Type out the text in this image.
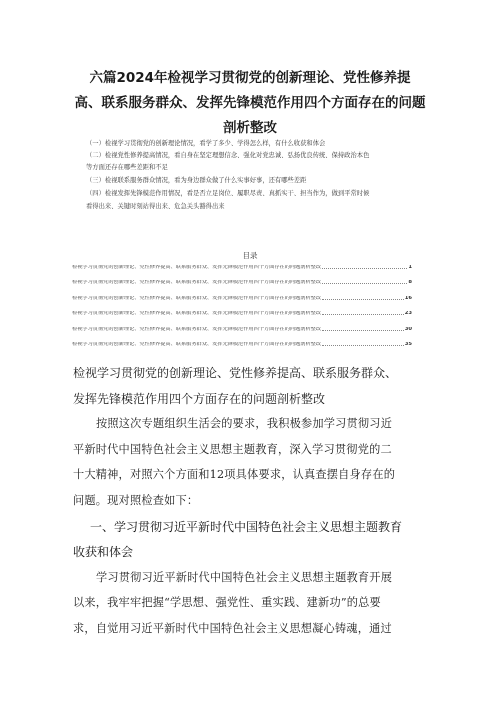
六篇2024年检视学习贯彻党的创新理论、党性修养提
高、联系服务群众、发挥先锋模范作用四个方面存在的问题
剖析整改
（一）检视学习贯彻党的创新理论情况，看学了多少、学得怎么样，有什么收获和体会
（二）检视党性修养提高情况，看自身在坚定理想信念、强化对党忠诚、弘扬优良传统、保持政治本色
等方面还存在哪些差距和不足
（三）检视联系服务群众情况，看为身边群众做了什么实事好事，还有哪些差距
（四）检视发挥先锋模范作用情况，看是否立足岗位、履职尽责、真抓实干、担当作为，做到平常时候
看得出来、关键时刻站得出来、危急关头豁得出来
目录
检视学习贯彻党的创新理论、党性修养提高、联系服务群众、发挥先锋模范作用四个方面存在的问题剖析整改	1
检视学习贯彻党的创新理论、党性修养提高、联系服务群众、发挥先锋模范作用四个方面存在的问题剖析整改	8
检视学习贯彻党的创新理论、党性修养提高、联系服务群众、发挥先锋模范作用四个方面存在的问题剖析整改	16
检视学习贯彻党的创新理论、党性修养提高、联系服务群众、发挥先锋模范作用四个方面存在的问题剖析整改	23
检视学习贯彻党的创新理论、党性修养提高、联系服务群众、发挥先锋模范作用四个方面存在的问题剖析整改	30
检视学习贯彻党的创新理论、党性修养提高、联系服务群众、发挥先锋模范作用四个方面存在的问题剖析整改	35
检视学习贯彻党的创新理论、党性修养提高、联系服务群众、
发挥先锋模范作用四个方面存在的问题剖析整改
按照这次专题组织生活会的要求，我积极参加学习贯彻习近
平新时代中国特色社会主义思想主题教育，深入学习贯彻党的二
十大精神，对照六个方面和12项具体要求，认真查摆自身存在的
问题。现对照检查如下：
一、学习贯彻习近平新时代中国特色社会主义思想主题教育
收获和体会
学习贯彻习近平新时代中国特色社会主义思想主题教育开展
以来，我牢牢把握“学思想、强党性、重实践、建新功”的总要
求，自觉用习近平新时代中国特色社会主义思想凝心铸魂，通过
